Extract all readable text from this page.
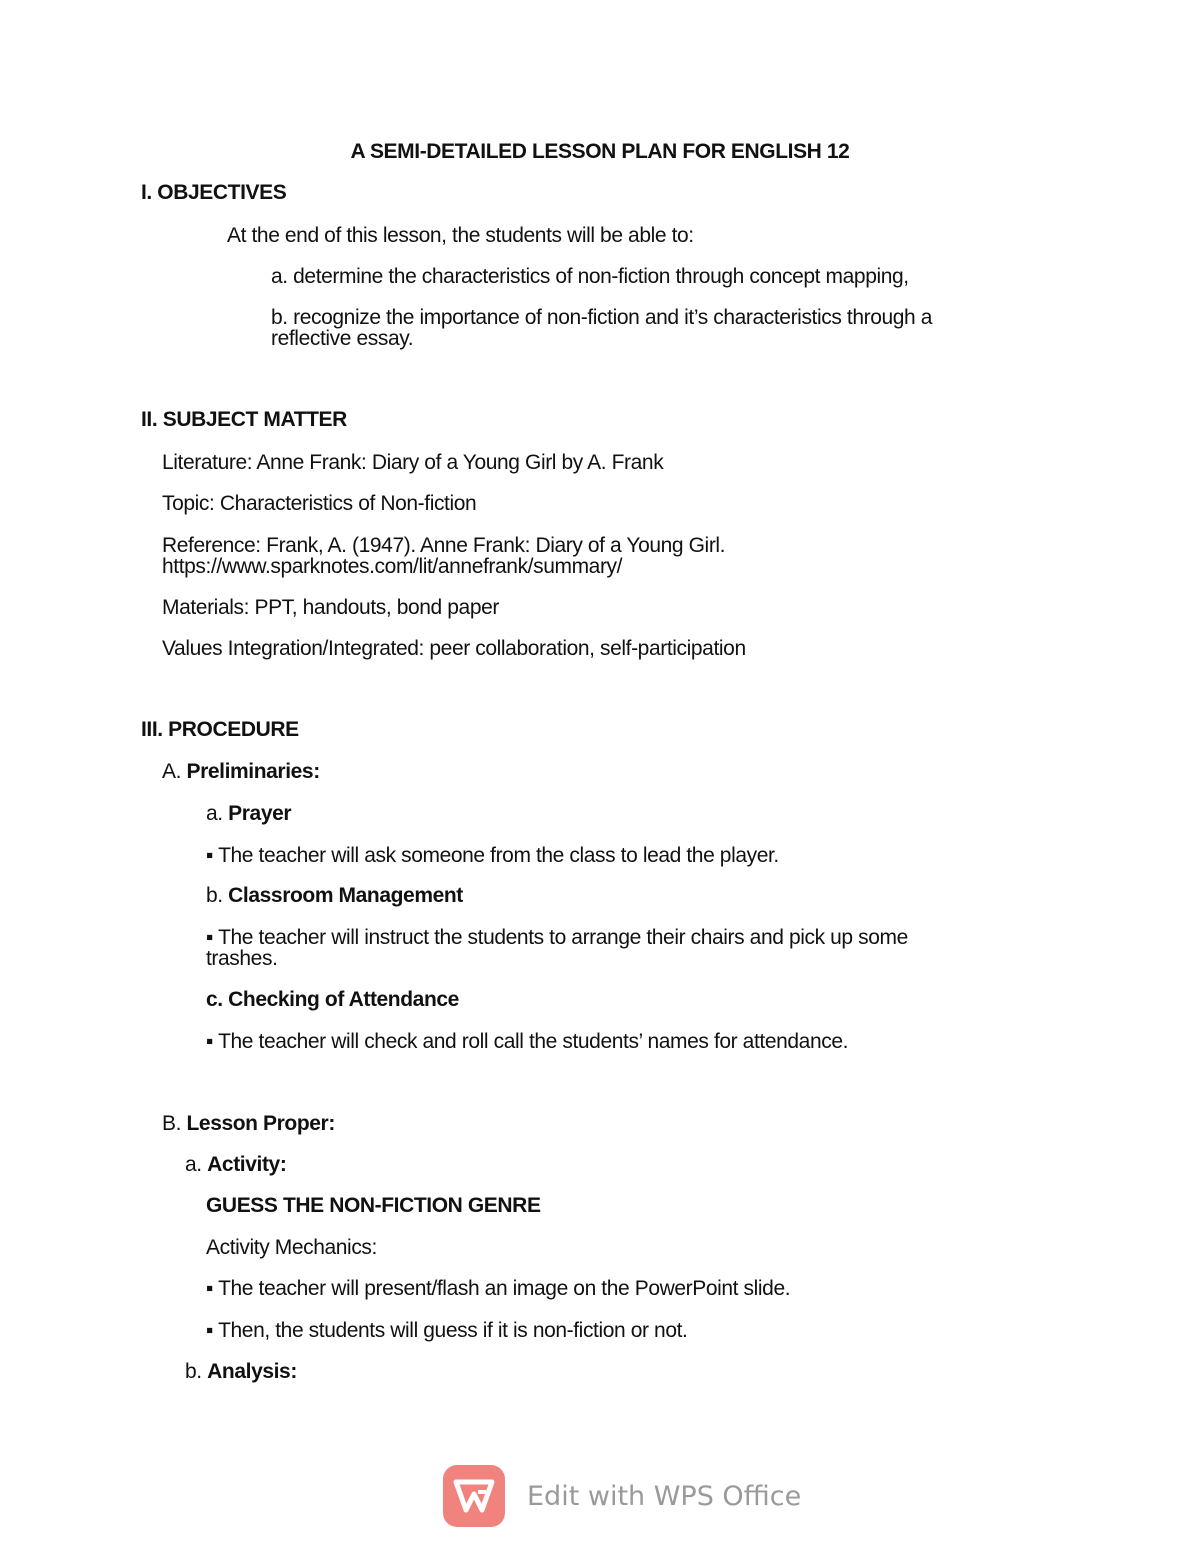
A SEMI-DETAILED LESSON PLAN FOR ENGLISH 12
I. OBJECTIVES
At the end of this lesson, the students will be able to:
a. determine the characteristics of non-fiction through concept mapping,
b. recognize the importance of non-fiction and it’s characteristics through a
reflective essay.
II. SUBJECT MATTER
Literature: Anne Frank: Diary of a Young Girl by A. Frank
Topic: Characteristics of Non-fiction
Reference: Frank, A. (1947). Anne Frank: Diary of a Young Girl.
https://www.sparknotes.com/lit/annefrank/summary/
Materials: PPT, handouts, bond paper
Values Integration/Integrated: peer collaboration, self-participation
III. PROCEDURE
A. Preliminaries:
a. Prayer
▪ The teacher will ask someone from the class to lead the player.
b. Classroom Management
▪ The teacher will instruct the students to arrange their chairs and pick up some
trashes.
c. Checking of Attendance
▪ The teacher will check and roll call the students’ names for attendance.
B. Lesson Proper:
a. Activity:
GUESS THE NON-FICTION GENRE
Activity Mechanics:
▪ The teacher will present/flash an image on the PowerPoint slide.
▪ Then, the students will guess if it is non-fiction or not.
b. Analysis:
Edit with WPS Office
